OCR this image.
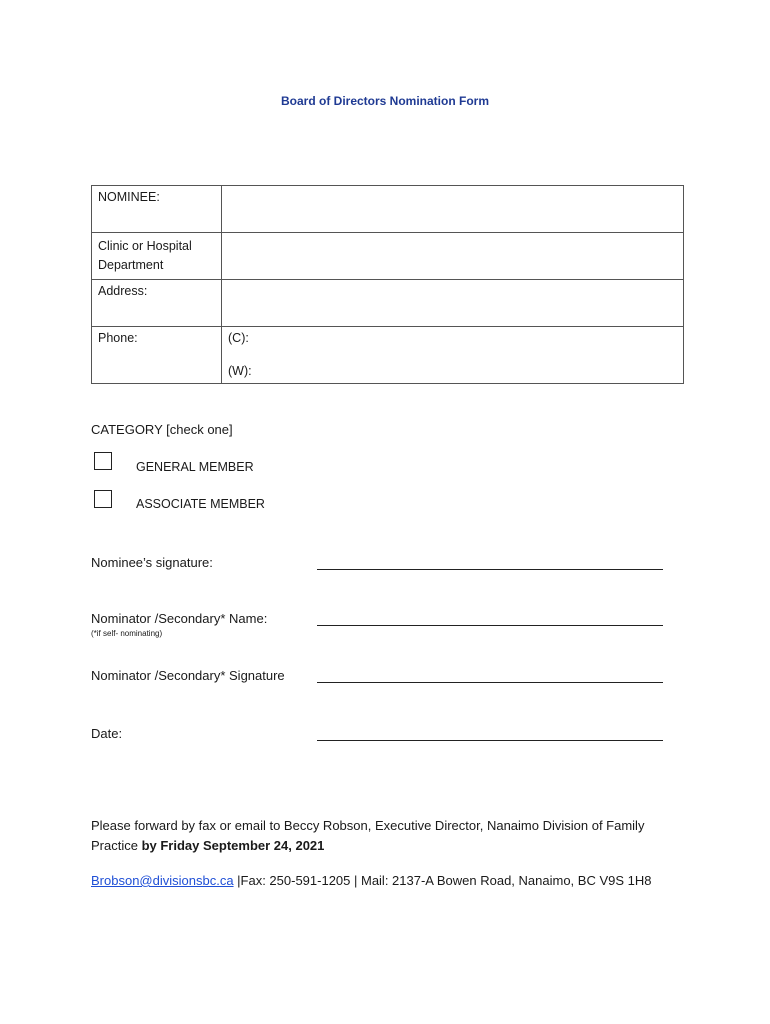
Board of Directors Nomination Form
NOMINEE:	
Clinic or Hospital
Department	
Address:	
Phone:	(C):
(W):
CATEGORY [check one]
GENERAL MEMBER
ASSOCIATE MEMBER
Nominee’s signature:
Nominator /Secondary* Name:
(*if self- nominating)
Nominator /Secondary* Signature
Date:
Please forward by fax or email to Beccy Robson, Executive Director, Nanaimo Division of Family Practice by Friday September 24, 2021
Brobson@divisionsbc.ca |Fax: 250-591-1205 | Mail: 2137-A Bowen Road, Nanaimo, BC V9S 1H8
